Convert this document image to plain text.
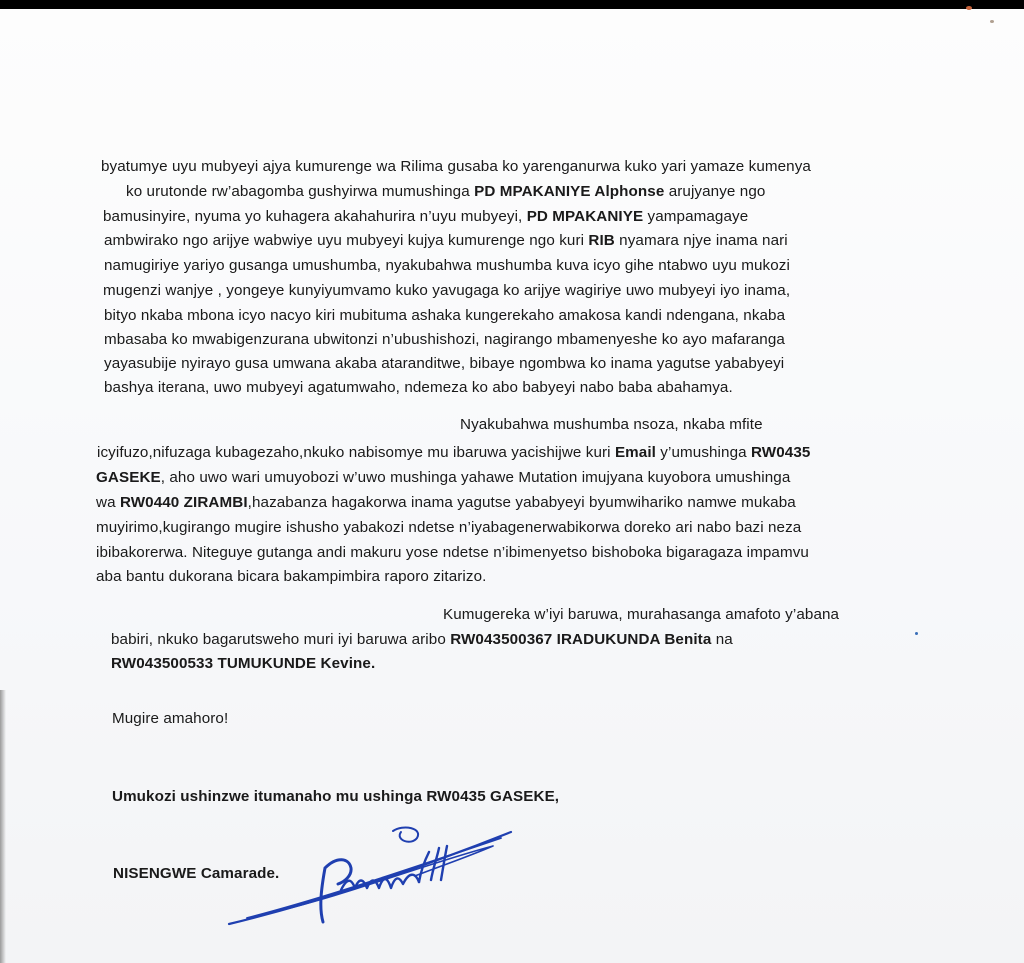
byatumye uyu mubyeyi ajya kumurenge wa Rilima gusaba ko yarenganurwa kuko yari yamaze kumenya
ko urutonde rw’abagomba gushyirwa mumushinga PD MPAKANIYE Alphonse arujyanye ngo
bamusinyire, nyuma yo kuhagera akahahurira n’uyu mubyeyi, PD MPAKANIYE yampamagaye
ambwirako ngo arijye wabwiye uyu mubyeyi kujya kumurenge ngo kuri RIB nyamara njye inama nari
namugiriye yariyo gusanga umushumba, nyakubahwa mushumba kuva icyo gihe ntabwo uyu mukozi
mugenzi wanjye , yongeye kunyiyumvamo kuko yavugaga ko arijye wagiriye uwo mubyeyi iyo inama,
bityo nkaba mbona icyo nacyo kiri mubituma ashaka kungerekaho amakosa kandi ndengana, nkaba
mbasaba ko mwabigenzurana ubwitonzi n’ubushishozi, nagirango mbamenyeshe ko ayo mafaranga
yayasubije nyirayo gusa umwana akaba ataranditwe, bibaye ngombwa ko inama yagutse yababyeyi
bashya iterana, uwo mubyeyi agatumwaho, ndemeza ko abo babyeyi nabo baba abahamya.
Nyakubahwa mushumba nsoza, nkaba mfite
icyifuzo,nifuzaga kubagezaho,nkuko nabisomye mu ibaruwa yacishijwe kuri Email y’umushinga RW0435
GASEKE, aho uwo wari umuyobozi w’uwo mushinga yahawe Mutation imujyana kuyobora umushinga
wa RW0440 ZIRAMBI,hazabanza hagakorwa inama yagutse yababyeyi byumwihariko namwe mukaba
muyirimo,kugirango mugire ishusho yabakozi ndetse n’iyabagenerwabikorwa doreko ari nabo bazi neza
ibibakorerwa. Niteguye gutanga andi makuru yose ndetse n’ibimenyetso bishoboka bigaragaza impamvu
aba bantu dukorana bicara bakampimbira raporo zitarizo.
Kumugereka w’iyi baruwa, murahasanga amafoto y’abana
babiri, nkuko bagarutsweho muri iyi baruwa aribo RW043500367 IRADUKUNDA Benita na
RW043500533 TUMUKUNDE Kevine.
Mugire amahoro!
Umukozi ushinzwe itumanaho mu ushinga RW0435 GASEKE,
NISENGWE Camarade.
